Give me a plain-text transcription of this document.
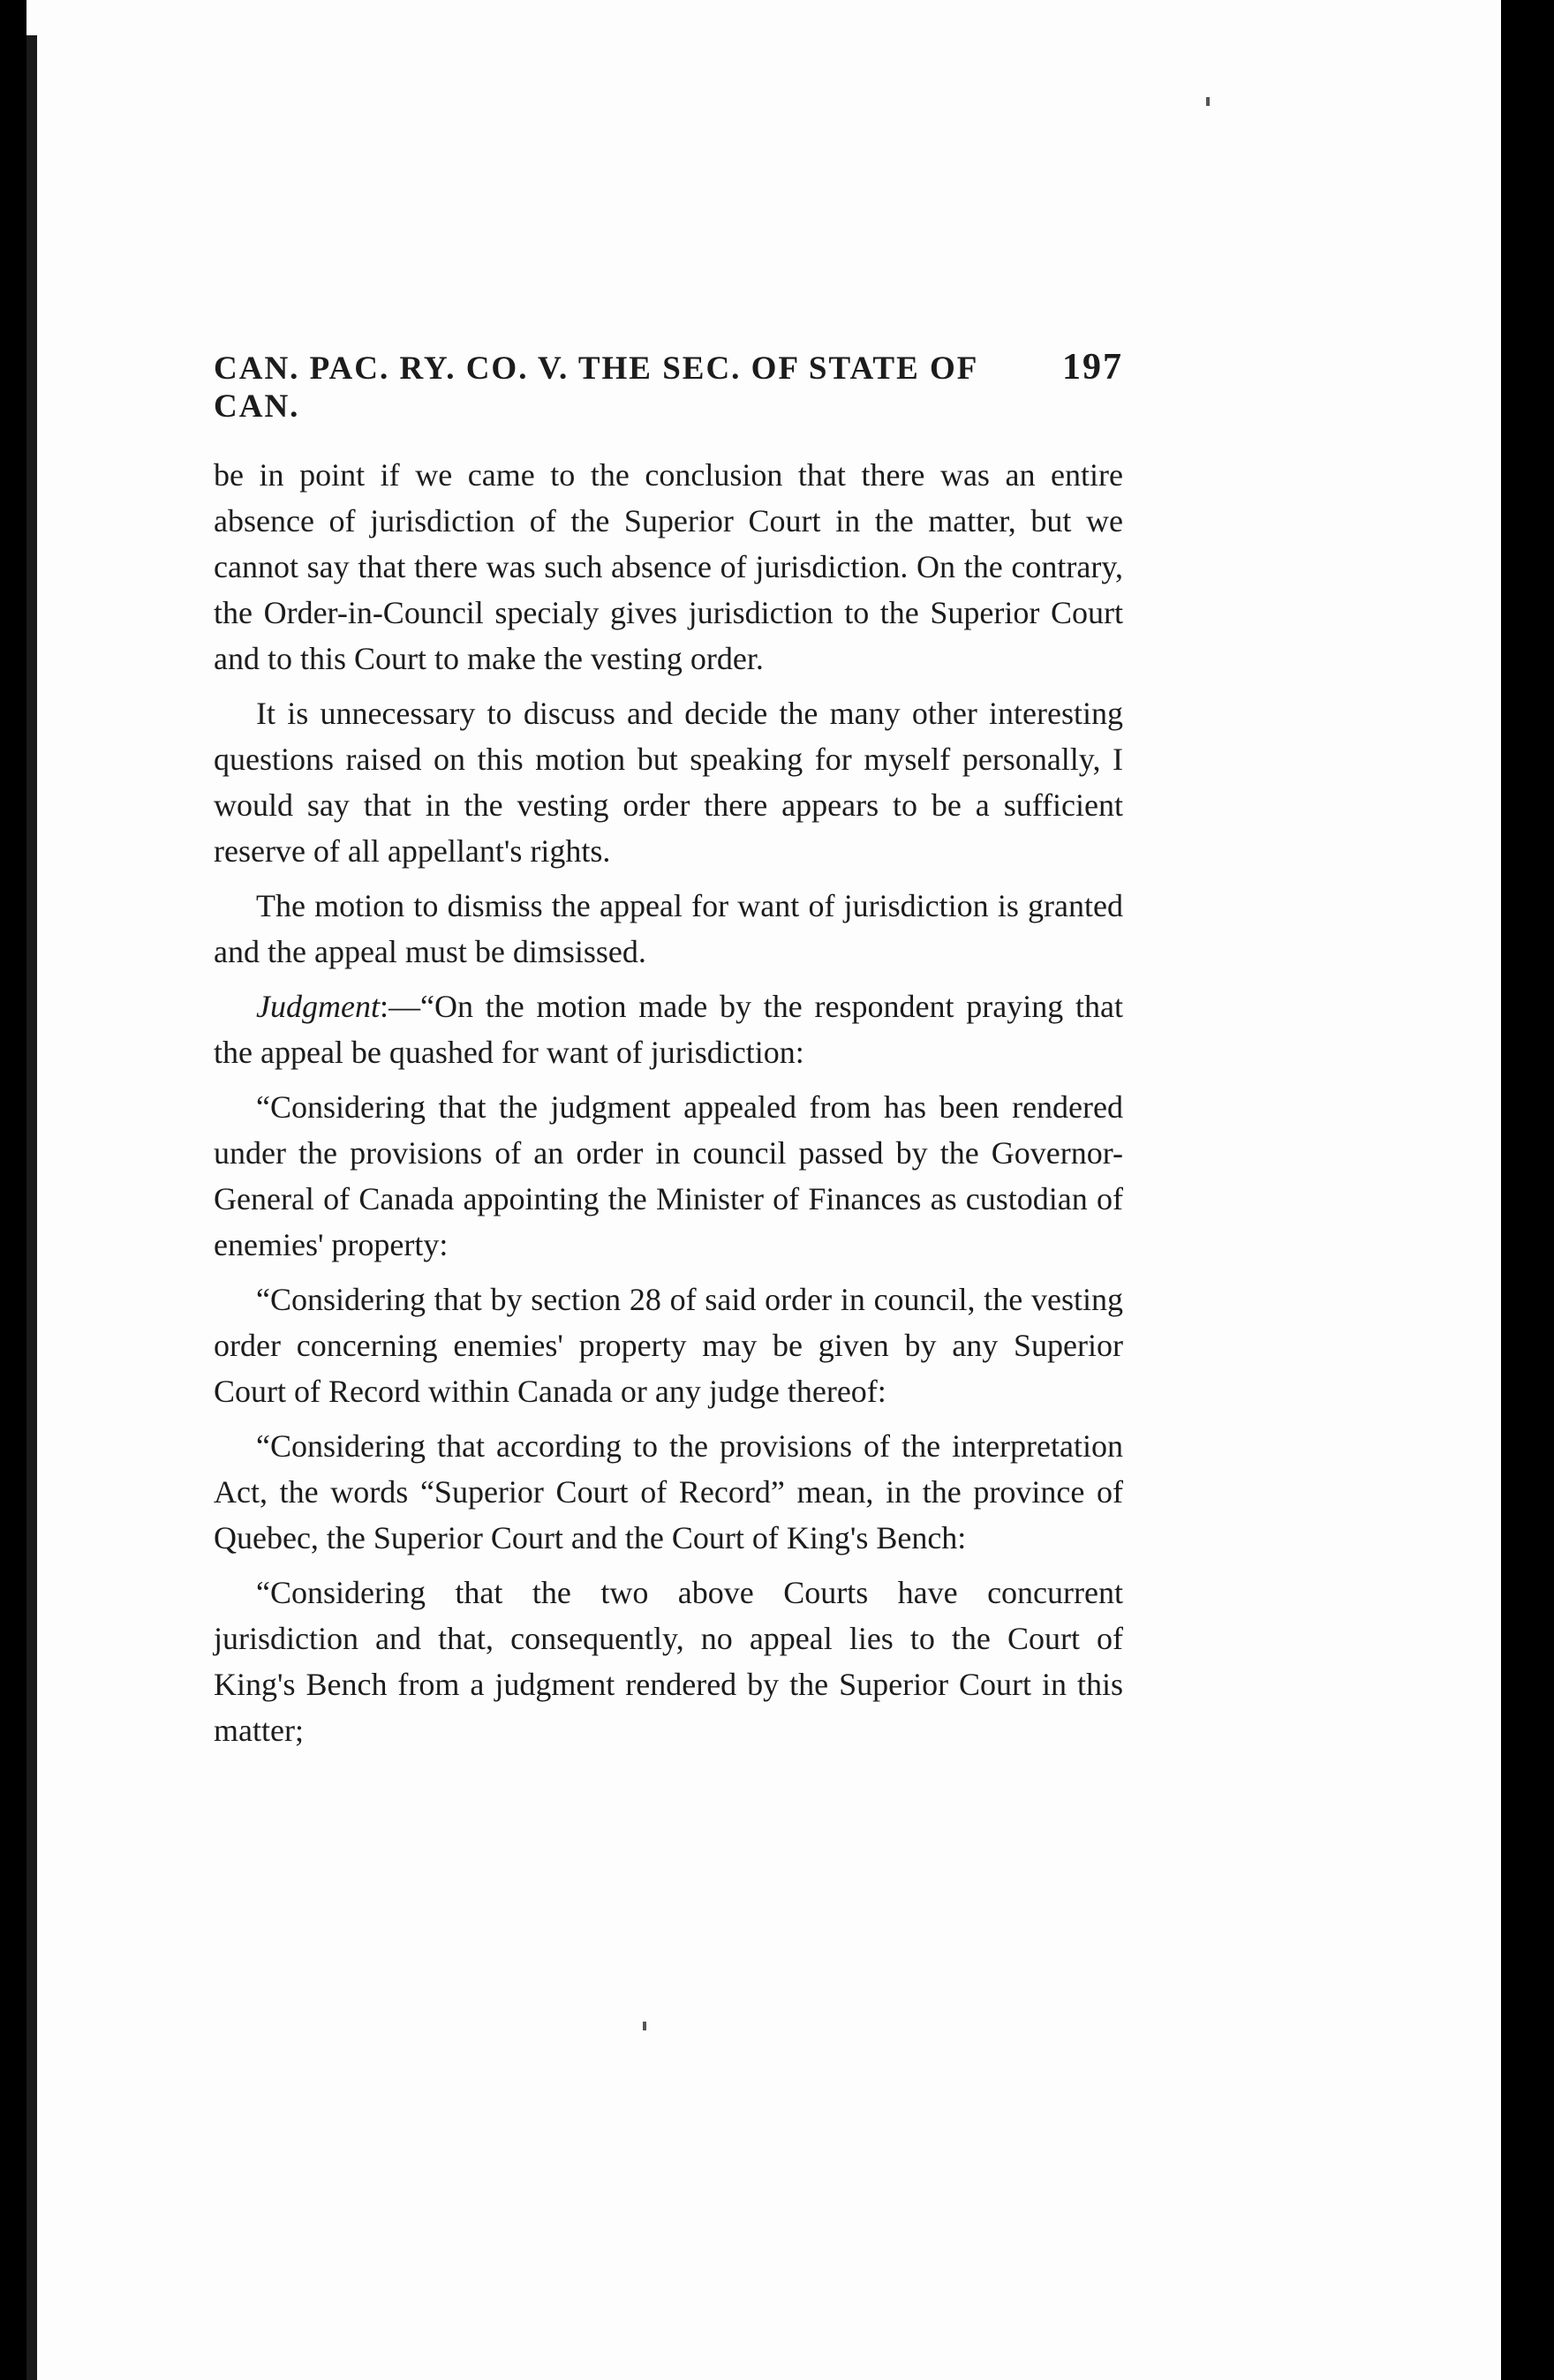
CAN. PAC. RY. CO. V. THE SEC. OF STATE OF CAN.
197

be in point if we came to the conclusion that there was an entire absence of jurisdiction of the Superior Court in the matter, but we cannot say that there was such absence of jurisdiction. On the contrary, the Order-in-Council specialy gives jurisdiction to the Superior Court and to this Court to make the vesting order.

It is unnecessary to discuss and decide the many other interesting questions raised on this motion but speaking for myself personally, I would say that in the vesting order there appears to be a sufficient reserve of all appellant's rights.

The motion to dismiss the appeal for want of jurisdiction is granted and the appeal must be dimsissed.

Judgment:—“On the motion made by the respondent praying that the appeal be quashed for want of jurisdiction:

“Considering that the judgment appealed from has been rendered under the provisions of an order in council passed by the Governor-General of Canada appointing the Minister of Finances as custodian of enemies' property:

“Considering that by section 28 of said order in council, the vesting order concerning enemies' property may be given by any Superior Court of Record within Canada or any judge thereof:

“Considering that according to the provisions of the interpretation Act, the words “Superior Court of Record” mean, in the province of Quebec, the Superior Court and the Court of King's Bench:

“Considering that the two above Courts have concurrent jurisdiction and that, consequently, no appeal lies to the Court of King's Bench from a judgment rendered by the Superior Court in this matter;
